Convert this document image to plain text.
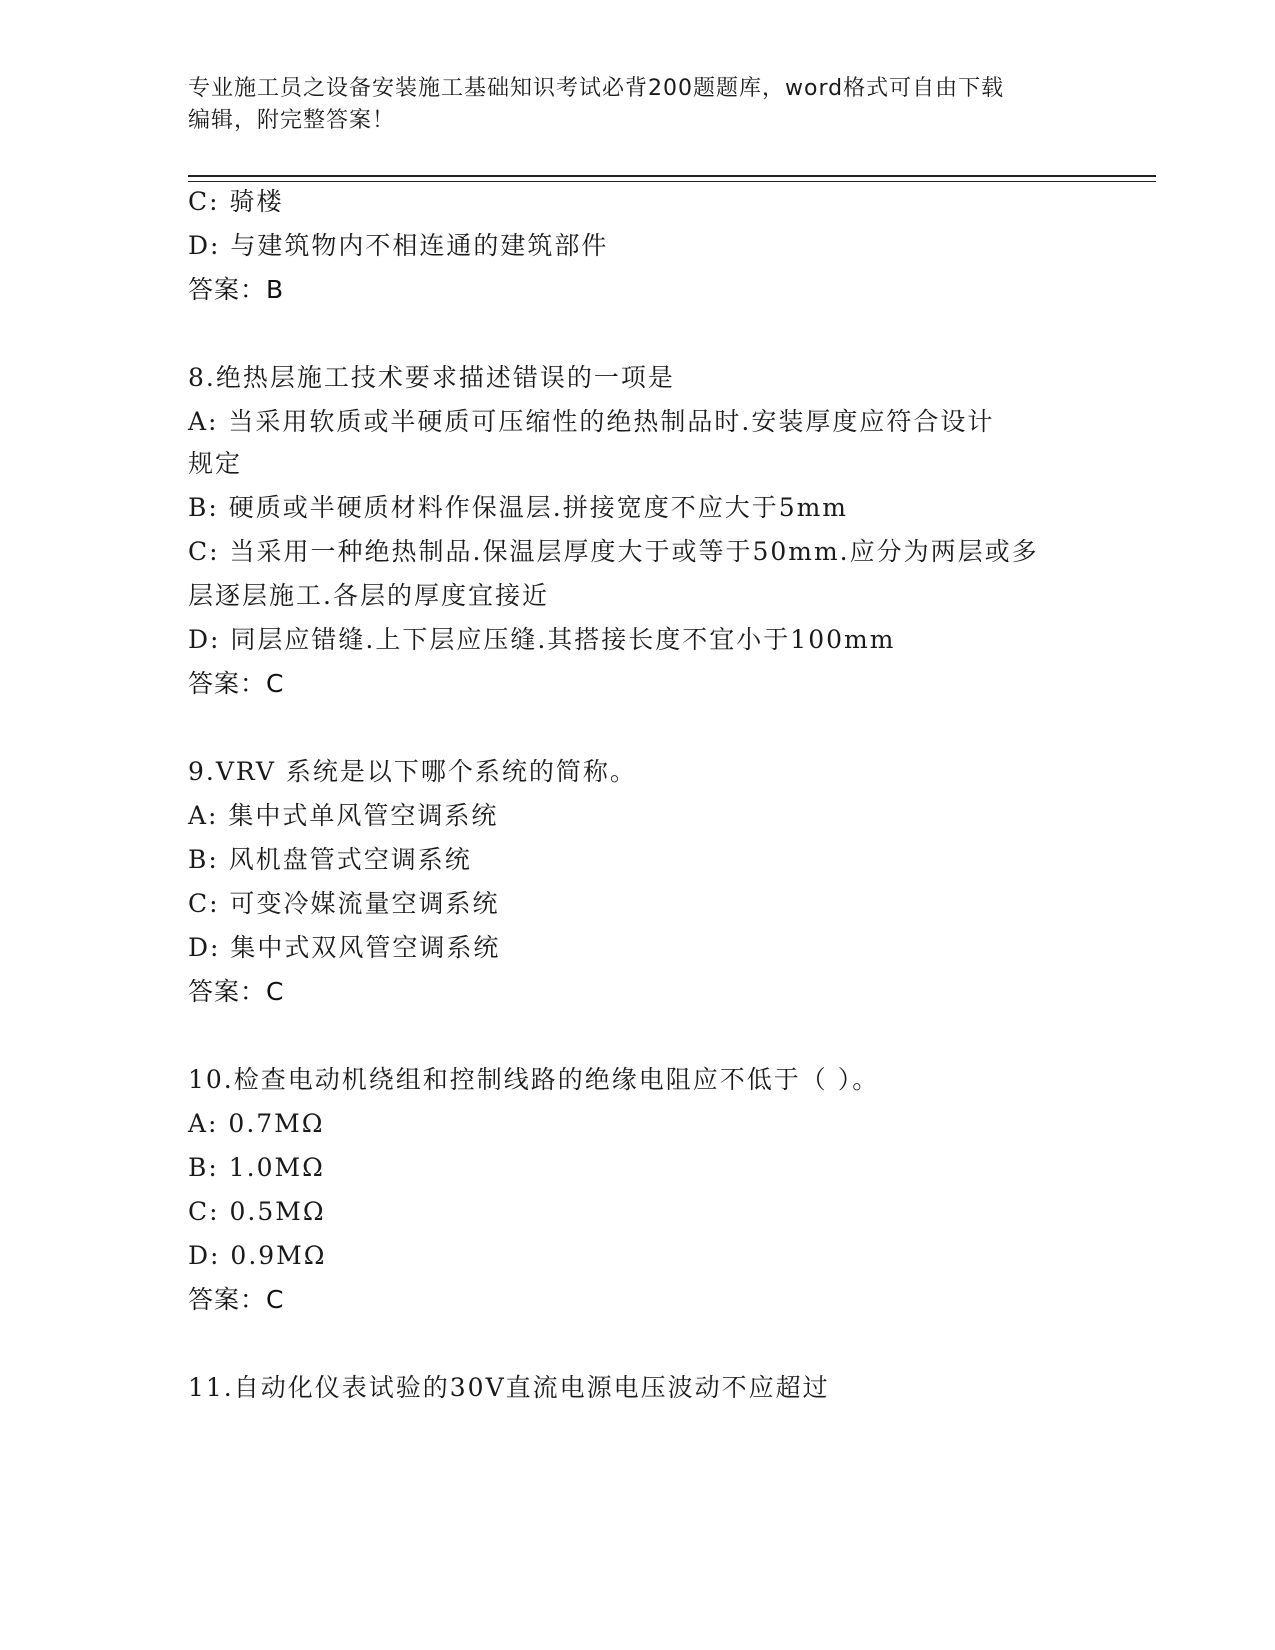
专业施工员之设备安装施工基础知识考试必背200题题库，word格式可自由下载
编辑，附完整答案！
C: 骑楼
D: 与建筑物内不相连通的建筑部件
答案：B
8.绝热层施工技术要求描述错误的一项是
A: 当采用软质或半硬质可压缩性的绝热制品时.安装厚度应符合设计
规定
B: 硬质或半硬质材料作保温层.拼接宽度不应大于5mm
C: 当采用一种绝热制品.保温层厚度大于或等于50mm.应分为两层或多
层逐层施工.各层的厚度宜接近
D: 同层应错缝.上下层应压缝.其搭接长度不宜小于100mm
答案：C
9.VRV 系统是以下哪个系统的简称。
A: 集中式单风管空调系统
B: 风机盘管式空调系统
C: 可变冷媒流量空调系统
D: 集中式双风管空调系统
答案：C
10.检查电动机绕组和控制线路的绝缘电阻应不低于（ ）。
A: 0.7MΩ
B: 1.0MΩ
C: 0.5MΩ
D: 0.9MΩ
答案：C
11.自动化仪表试验的30V直流电源电压波动不应超过
